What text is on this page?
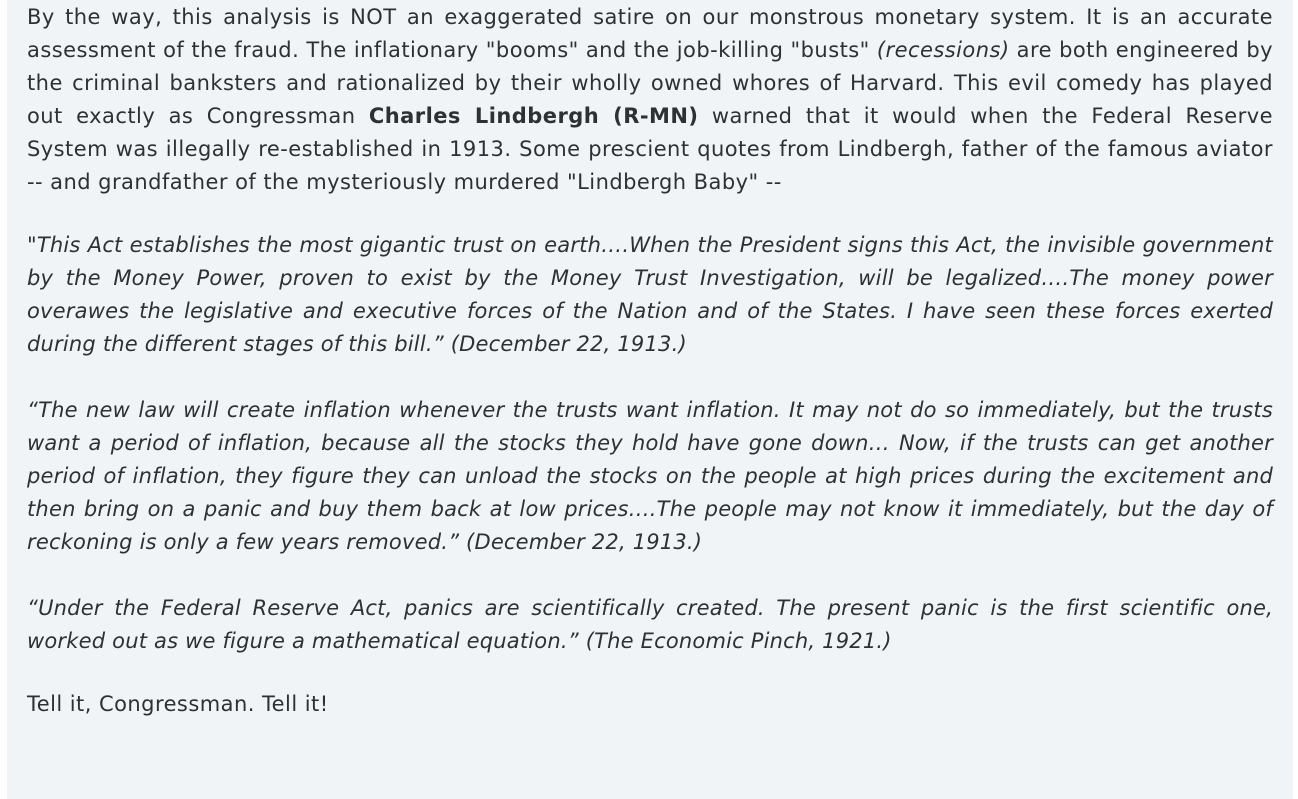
By the way, this analysis is NOT an exaggerated satire on our monstrous monetary system. It is an accurate assessment of the fraud. The inflationary "booms" and the job-killing "busts" (recessions) are both engineered by the criminal banksters and rationalized by their wholly owned whores of Harvard. This evil comedy has played out exactly as Congressman Charles Lindbergh (R-MN) warned that it would when the Federal Reserve System was illegally re-established in 1913. Some prescient quotes from Lindbergh, father of the famous aviator -- and grandfather of the mysteriously murdered "Lindbergh Baby" --

"This Act establishes the most gigantic trust on earth….When the President signs this Act, the invisible government by the Money Power, proven to exist by the Money Trust Investigation, will be legalized….The money power overawes the legislative and executive forces of the Nation and of the States. I have seen these forces exerted during the different stages of this bill.” (December 22, 1913.)

“The new law will create inflation whenever the trusts want inflation. It may not do so immediately, but the trusts want a period of inflation, because all the stocks they hold have gone down… Now, if the trusts can get another period of inflation, they figure they can unload the stocks on the people at high prices during the excitement and then bring on a panic and buy them back at low prices….The people may not know it immediately, but the day of reckoning is only a few years removed.” (December 22, 1913.)

“Under the Federal Reserve Act, panics are scientifically created. The present panic is the first scientific one, worked out as we figure a mathematical equation.” (The Economic Pinch, 1921.)

Tell it, Congressman. Tell it!
